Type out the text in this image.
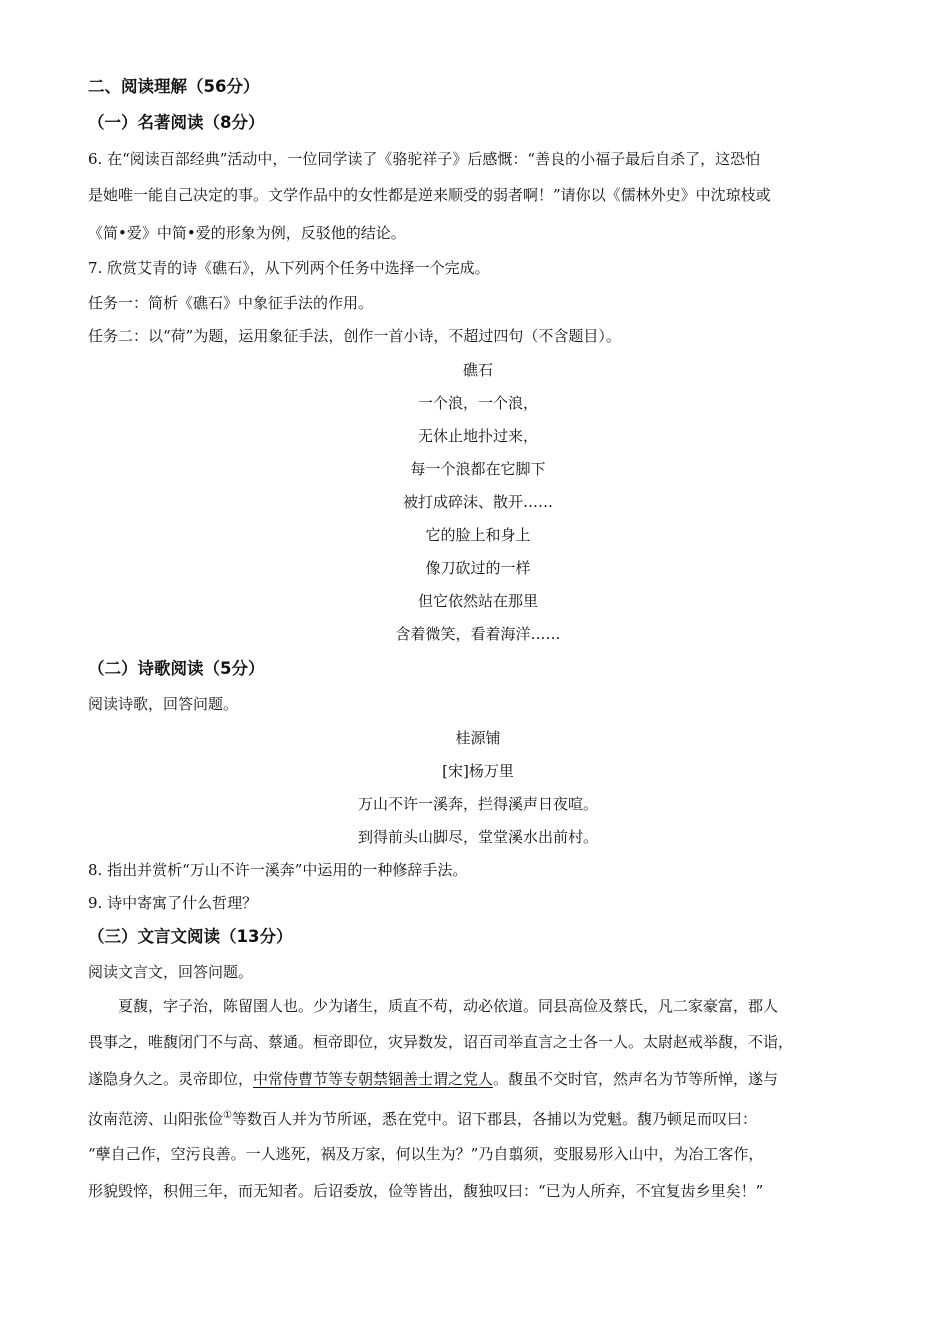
二、阅读理解（56分）
（一）名著阅读（8分）
6. 在“阅读百部经典”活动中，一位同学读了《骆驼祥子》后感慨：“善良的小福子最后自杀了，这恐怕
是她唯一能自己决定的事。文学作品中的女性都是逆来顺受的弱者啊！”请你以《儒林外史》中沈琼枝或
《简•爱》中简•爱的形象为例，反驳他的结论。
7. 欣赏艾青的诗《礁石》，从下列两个任务中选择一个完成。
任务一：简析《礁石》中象征手法的作用。
任务二：以“荷”为题，运用象征手法，创作一首小诗，不超过四句（不含题目）。
礁石
一个浪，一个浪，
无休止地扑过来，
每一个浪都在它脚下
被打成碎沫、散开……
它的脸上和身上
像刀砍过的一样
但它依然站在那里
含着微笑，看着海洋……
（二）诗歌阅读（5分）
阅读诗歌，回答问题。
桂源铺
[宋]杨万里
万山不许一溪奔，拦得溪声日夜喧。
到得前头山脚尽，堂堂溪水出前村。
8. 指出并赏析“万山不许一溪奔”中运用的一种修辞手法。
9. 诗中寄寓了什么哲理？
（三）文言文阅读（13分）
阅读文言文，回答问题。
夏馥，字子治，陈留圉人也。少为诸生，质直不苟，动必依道。同县高俭及蔡氏，凡二家豪富，郡人
畏事之，唯馥闭门不与高、蔡通。桓帝即位，灾异数发，诏百司举直言之士各一人。太尉赵戒举馥，不诣，
遂隐身久之。灵帝即位，中常侍曹节等专朝禁锢善士谓之党人。馥虽不交时官，然声名为节等所惮，遂与
汝南范滂、山阳张俭①等数百人并为节所诬，悉在党中。诏下郡县，各捕以为党魁。馥乃顿足而叹曰：
“孽自己作，空污良善。一人逃死，祸及万家，何以生为？”乃自翦须，变服易形入山中，为冶工客作，
形貌毁悴，积佣三年，而无知者。后诏委放，俭等皆出，馥独叹曰：“已为人所弃，不宜复齿乡里矣！”
